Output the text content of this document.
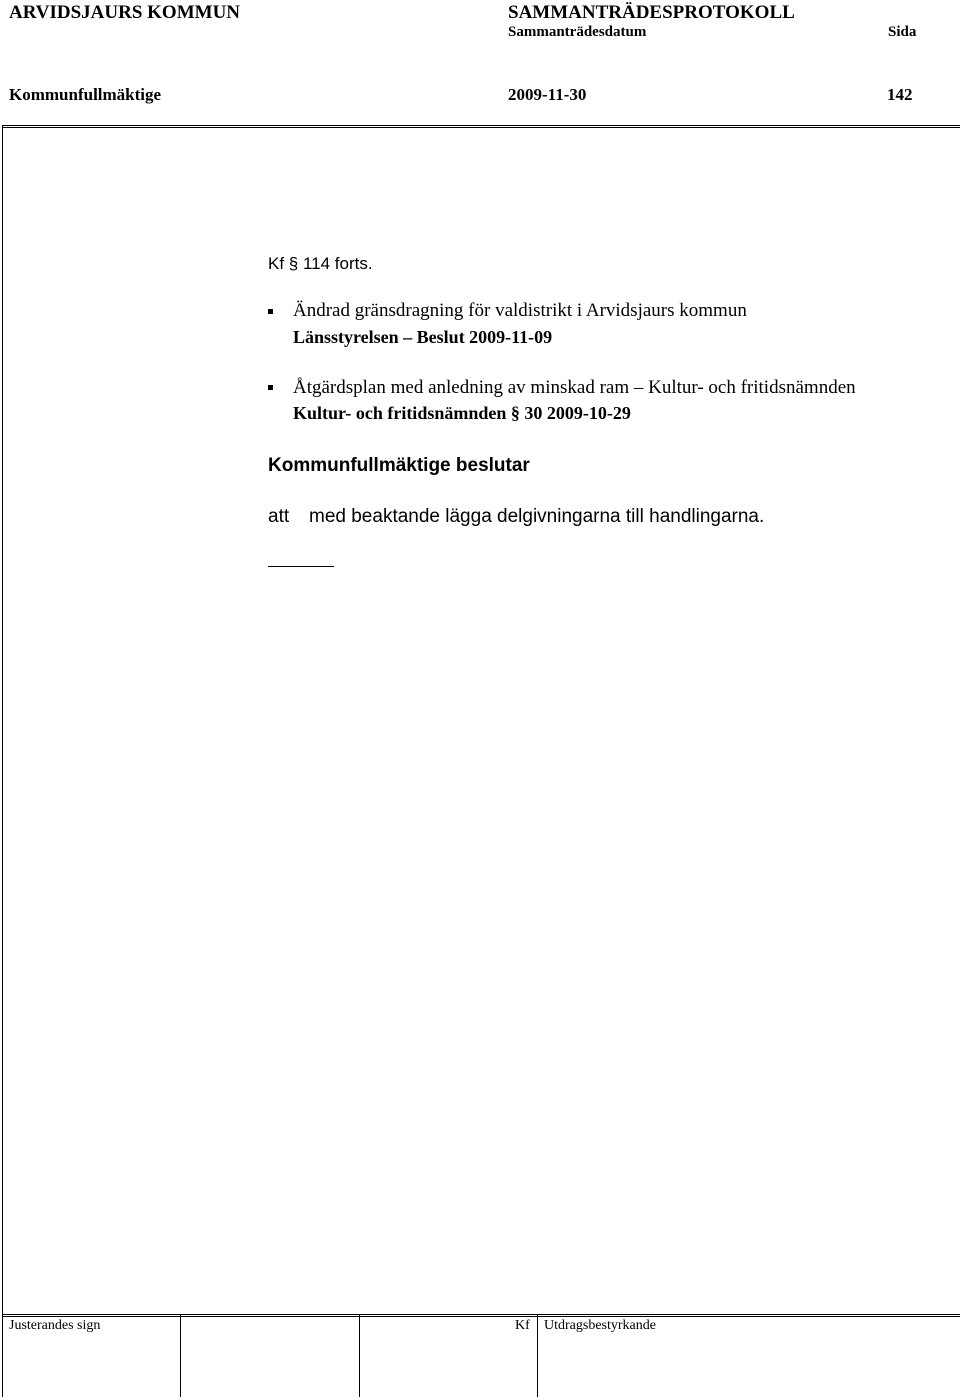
ARVIDSJAURS KOMMUN	SAMMANTRÄDESPROTOKOLL
Sammanträdesdatum	Sida
Kommunfullmäktige	2009-11-30	142
Kf § 114 forts.
Ändrad gränsdragning för valdistrikt i Arvidsjaurs kommun
Länsstyrelsen – Beslut 2009-11-09
Åtgärdsplan med anledning av minskad ram – Kultur- och fritidsnämnden
Kultur- och fritidsnämnden § 30 2009-10-29
Kommunfullmäktige beslutar
att med beaktande lägga delgivningarna till handlingarna.
Justerandes sign	Kf Utdragsbestyrkande
